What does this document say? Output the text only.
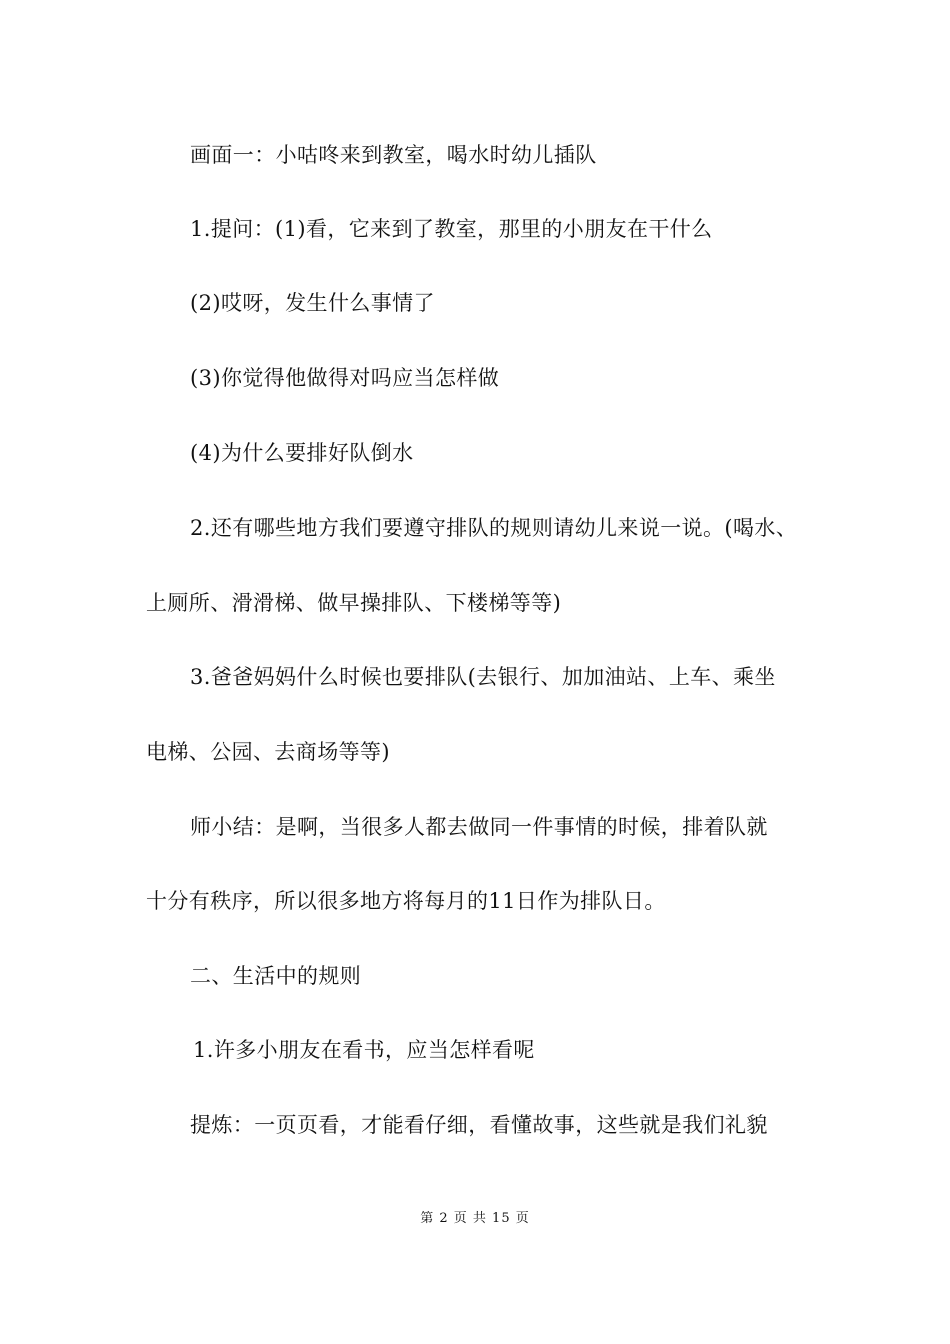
画面一：小咕咚来到教室，喝水时幼儿插队
1.提问：(1)看，它来到了教室，那里的小朋友在干什么
(2)哎呀，发生什么事情了
(3)你觉得他做得对吗应当怎样做
(4)为什么要排好队倒水
2.还有哪些地方我们要遵守排队的规则请幼儿来说一说。(喝水、
上厕所、滑滑梯、做早操排队、下楼梯等等)
3.爸爸妈妈什么时候也要排队(去银行、加加油站、上车、乘坐
电梯、公园、去商场等等)
师小结：是啊，当很多人都去做同一件事情的时候，排着队就
十分有秩序，所以很多地方将每月的11日作为排队日。
二、生活中的规则
1.许多小朋友在看书，应当怎样看呢
提炼：一页页看，才能看仔细，看懂故事，这些就是我们礼貌
第 2 页 共 15 页
